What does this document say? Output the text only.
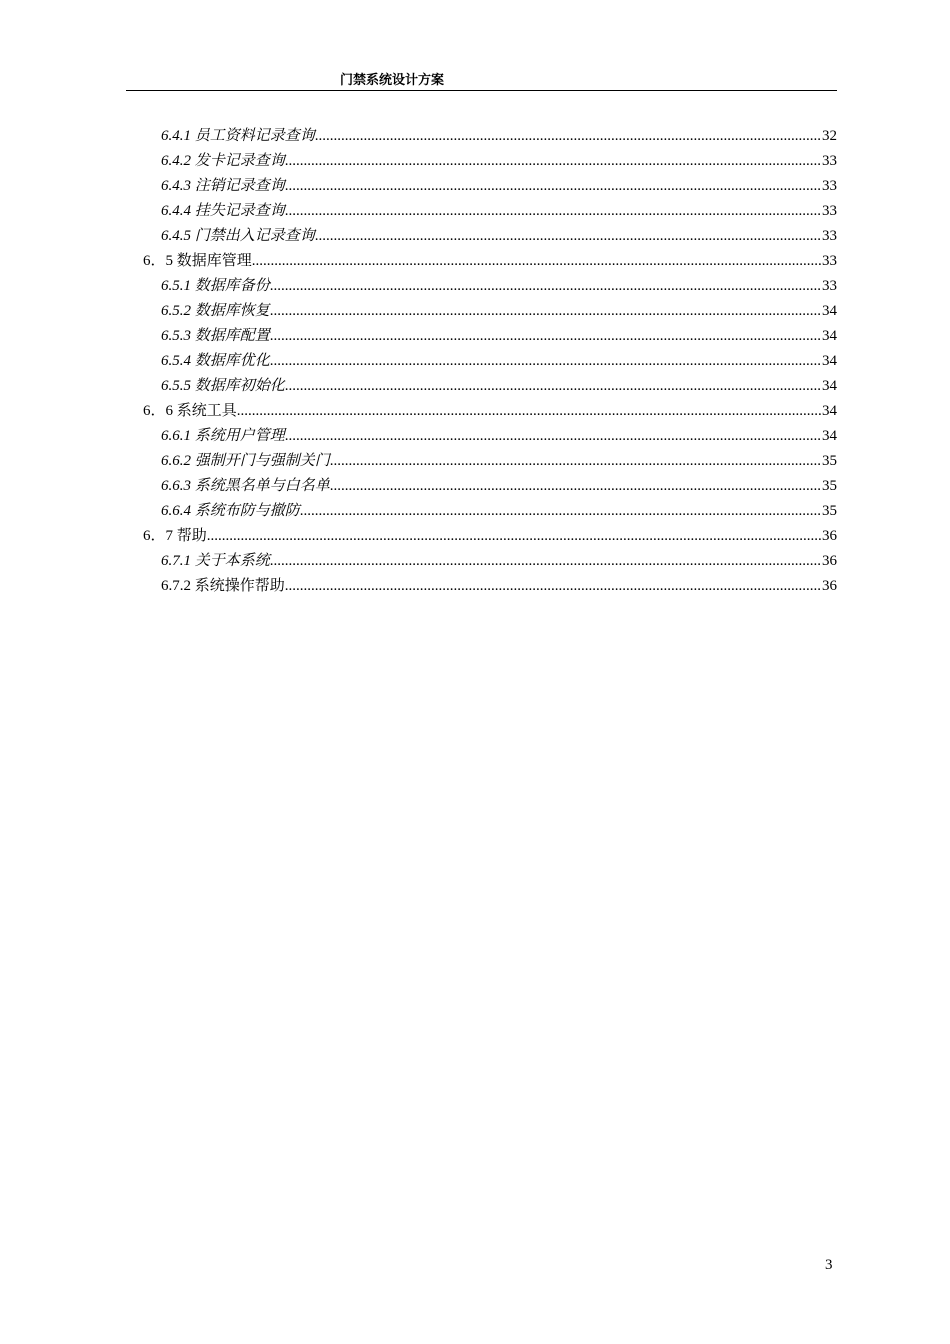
门禁系统设计方案
6.4.1 员工资料记录查询 .....	32
6.4.2 发卡记录查询 .....	33
6.4.3 注销记录查询 .....	33
6.4.4 挂失记录查询 .....	33
6.4.5 门禁出入记录查询 .....	33
6．5 数据库管理 .....	33
6.5.1 数据库备份 .....	33
6.5.2 数据库恢复 .....	34
6.5.3 数据库配置 .....	34
6.5.4 数据库优化 .....	34
6.5.5 数据库初始化 .....	34
6．6 系统工具 .....	34
6.6.1 系统用户管理 .....	34
6.6.2 强制开门与强制关门 .....	35
6.6.3 系统黑名单与白名单 .....	35
6.6.4 系统布防与撤防 .....	35
6．7 帮助 .....	36
6.7.1 关于本系统 .....	36
6.7.2 系统操作帮助 .....	36
3
